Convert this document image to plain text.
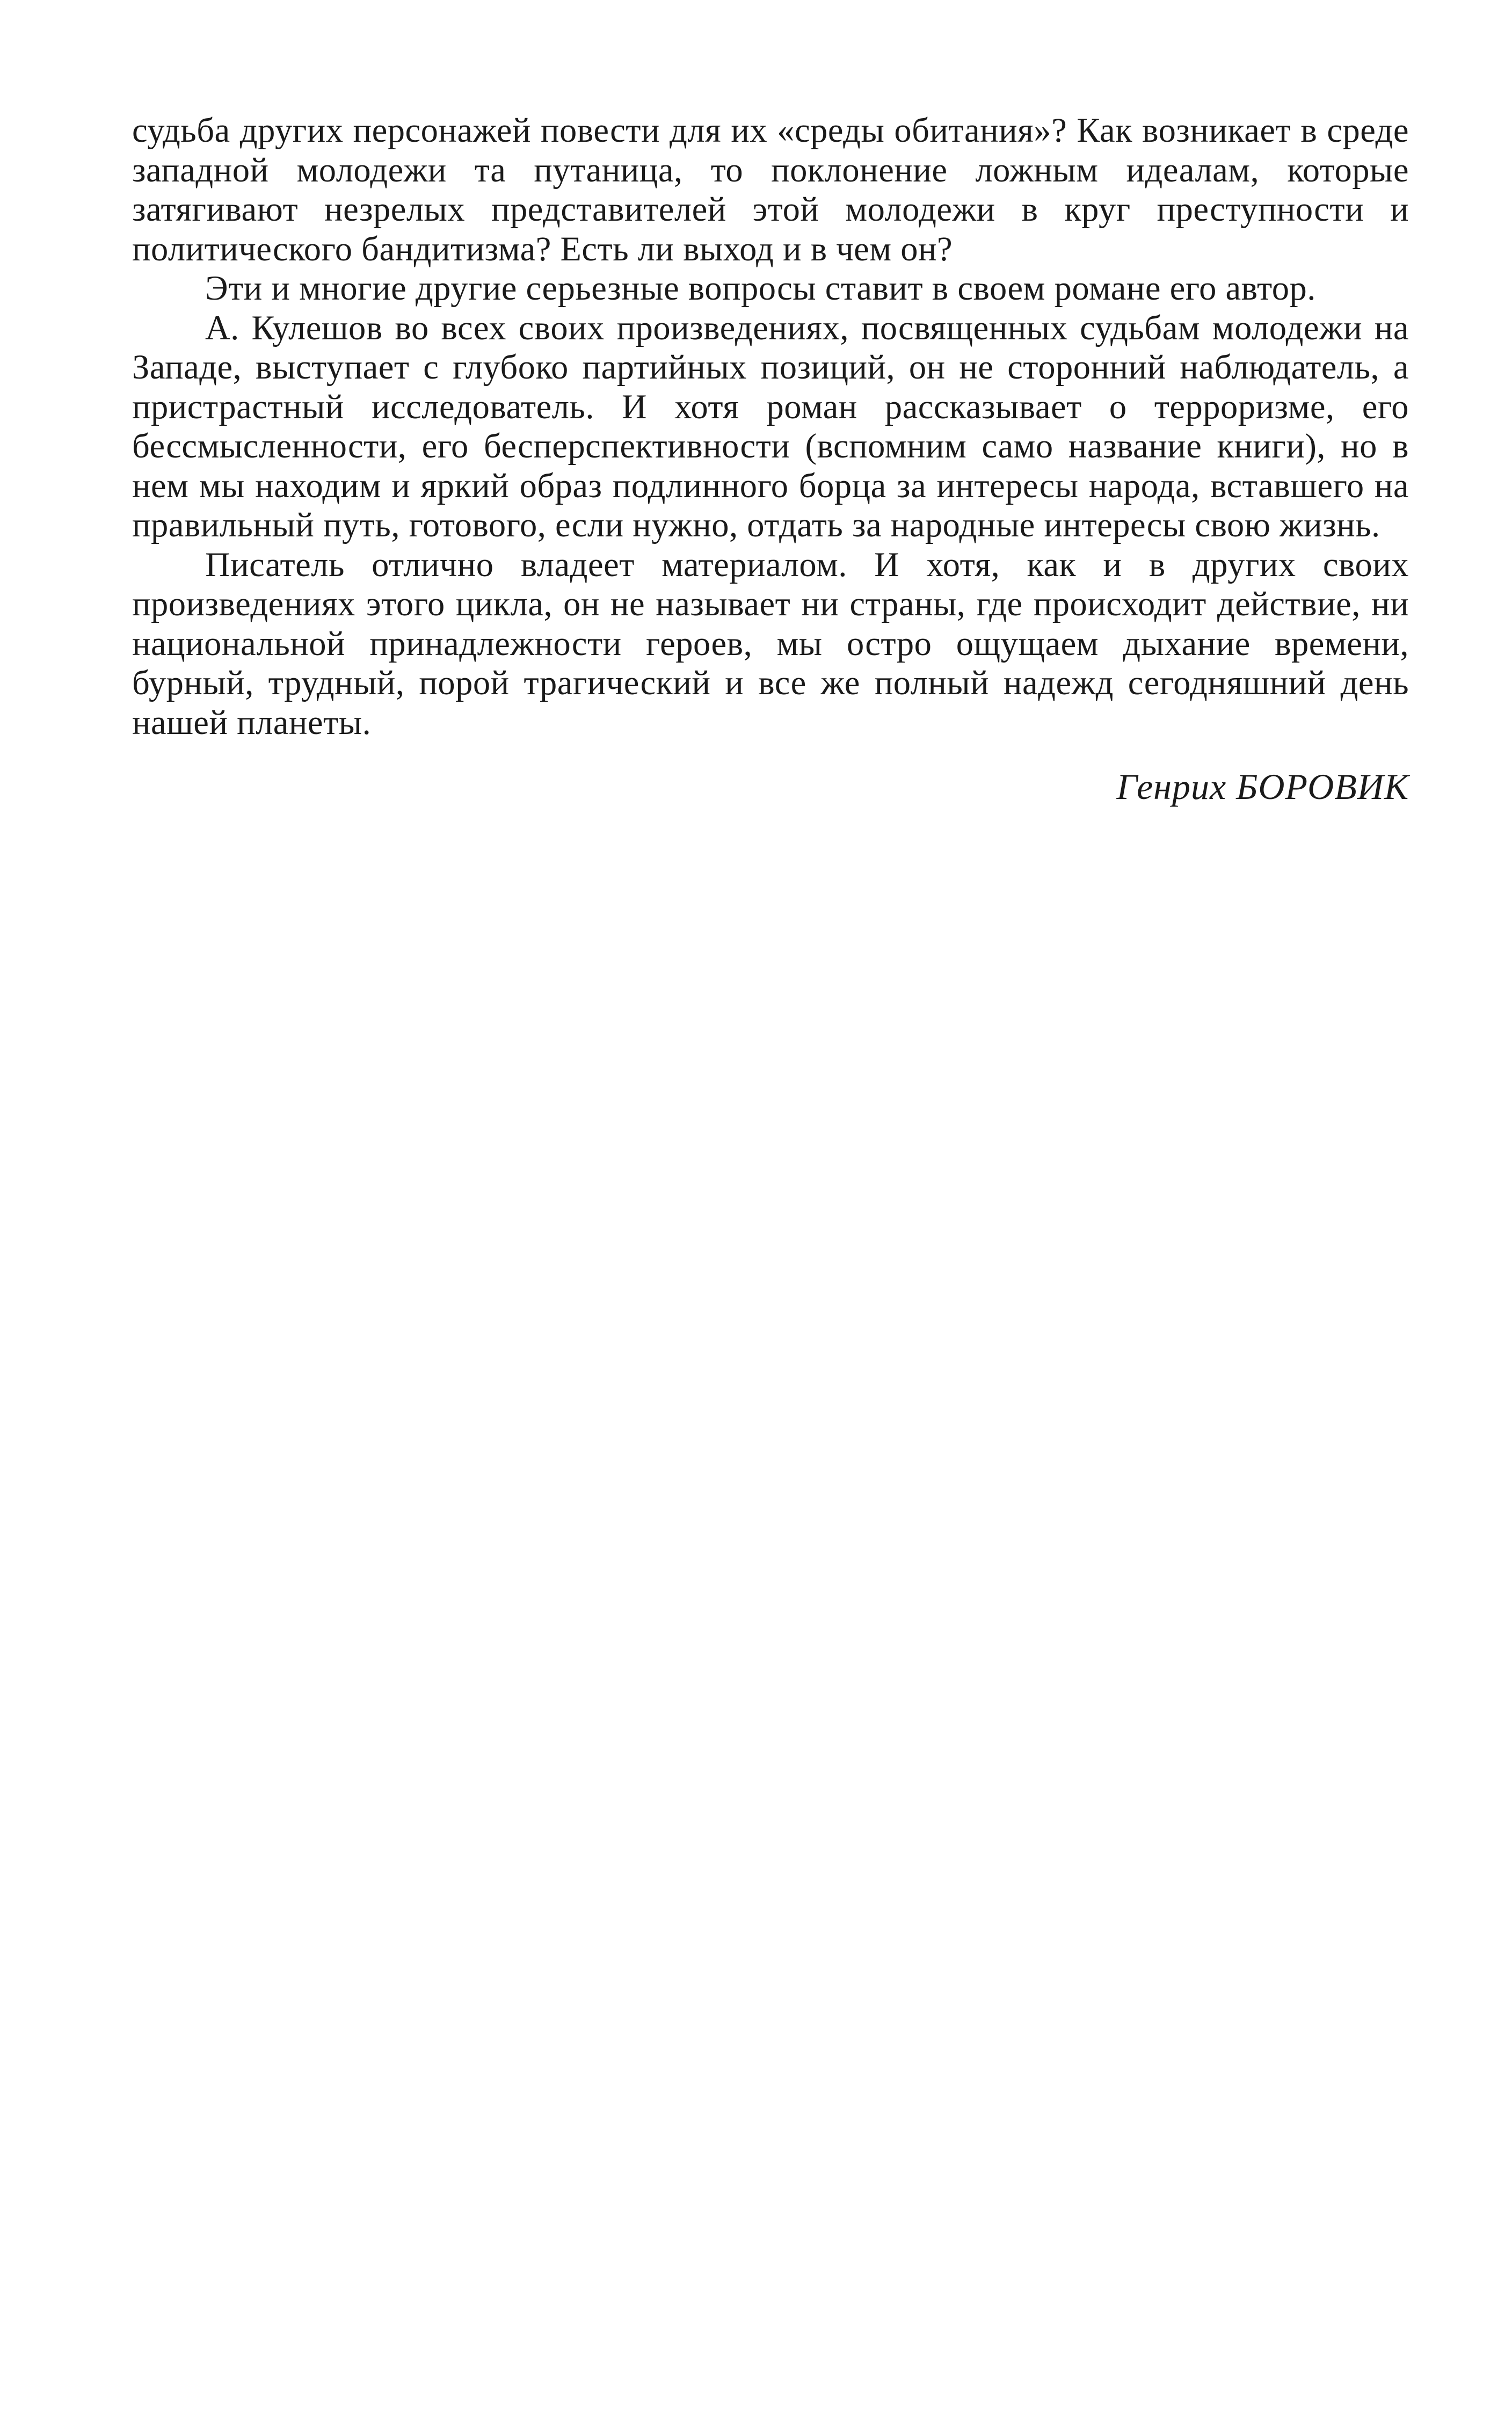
судьба других персонажей повести для их «среды обитания»? Как возникает в среде западной молодежи та путаница, то поклонение ложным идеалам, которые затягивают незрелых представителей этой молодежи в круг преступности и политического бандитизма? Есть ли выход и в чем он?

Эти и многие другие серьезные вопросы ставит в своем романе его автор.

А. Кулешов во всех своих произведениях, посвященных судьбам молодежи на Западе, выступает с глубоко партийных позиций, он не сторонний наблюдатель, а пристрастный исследователь. И хотя роман рассказывает о терроризме, его бессмысленности, его бесперспективности (вспомним само название книги), но в нем мы находим и яркий образ подлинного борца за интересы народа, вставшего на правильный путь, готового, если нужно, отдать за народные интересы свою жизнь.

Писатель отлично владеет материалом. И хотя, как и в других своих произведениях этого цикла, он не называет ни страны, где происходит действие, ни национальной принадлежности героев, мы остро ощущаем дыхание времени, бурный, трудный, порой трагический и все же полный надежд сегодняшний день нашей планеты.

Генрих БОРОВИК
